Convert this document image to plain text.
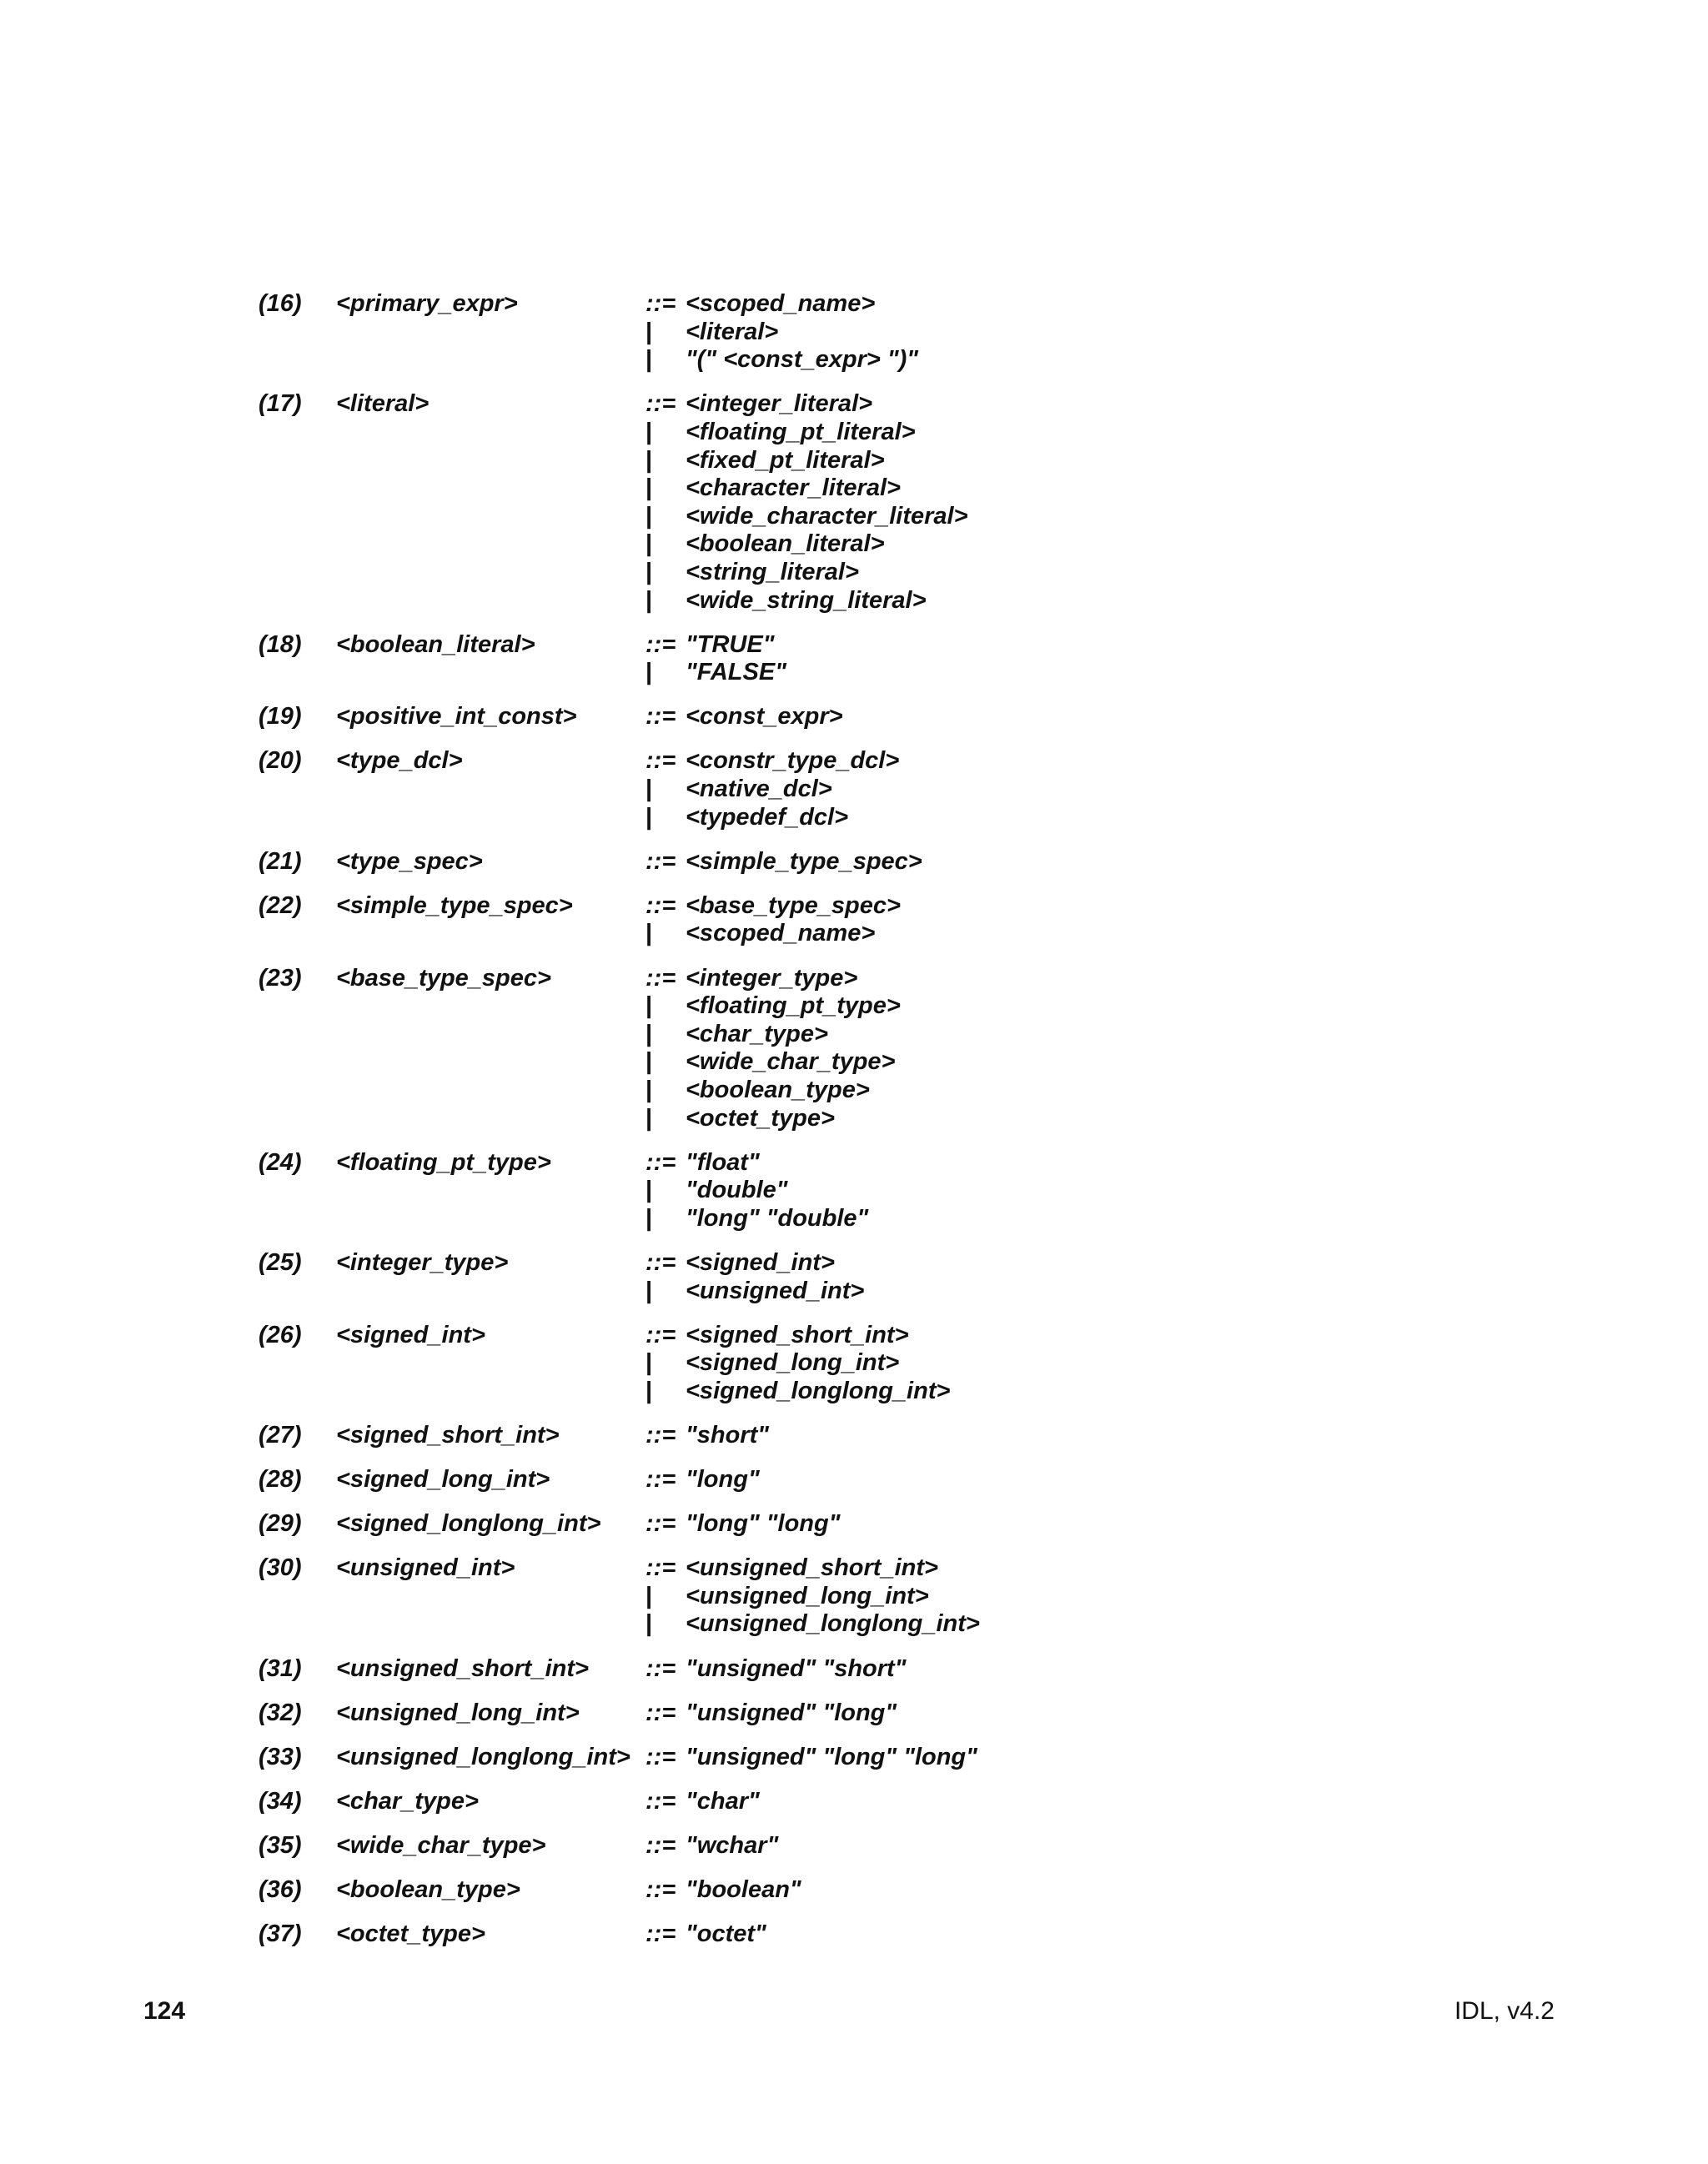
(16) <primary_expr>	::= <scoped_name>
| <literal>
| "(" <const_expr> ")"
(17) <literal>	::= <integer_literal>
| <floating_pt_literal>
| <fixed_pt_literal>
| <character_literal>
| <wide_character_literal>
| <boolean_literal>
| <string_literal>
| <wide_string_literal>
(18) <boolean_literal>	::= "TRUE"
| "FALSE"
(19) <positive_int_const>	::= <const_expr>
(20) <type_dcl>	::= <constr_type_dcl>
| <native_dcl>
| <typedef_dcl>
(21) <type_spec>	::= <simple_type_spec>
(22) <simple_type_spec>	::= <base_type_spec>
| <scoped_name>
(23) <base_type_spec>	::= <integer_type>
| <floating_pt_type>
| <char_type>
| <wide_char_type>
| <boolean_type>
| <octet_type>
(24) <floating_pt_type>	::= "float"
| "double"
| "long" "double"
(25) <integer_type>	::= <signed_int>
| <unsigned_int>
(26) <signed_int>	::= <signed_short_int>
| <signed_long_int>
| <signed_longlong_int>
(27) <signed_short_int>	::= "short"
(28) <signed_long_int>	::= "long"
(29) <signed_longlong_int> ::= "long" "long"
(30) <unsigned_int>	::= <unsigned_short_int>
| <unsigned_long_int>
| <unsigned_longlong_int>
(31) <unsigned_short_int> ::= "unsigned" "short"
(32) <unsigned_long_int>	::= "unsigned" "long"
(33) <unsigned_longlong_int> ::= "unsigned" "long" "long"
(34) <char_type>	::= "char"
(35) <wide_char_type>	::= "wchar"
(36) <boolean_type>	::= "boolean"
(37) <octet_type>	::= "octet"
124	IDL, v4.2
